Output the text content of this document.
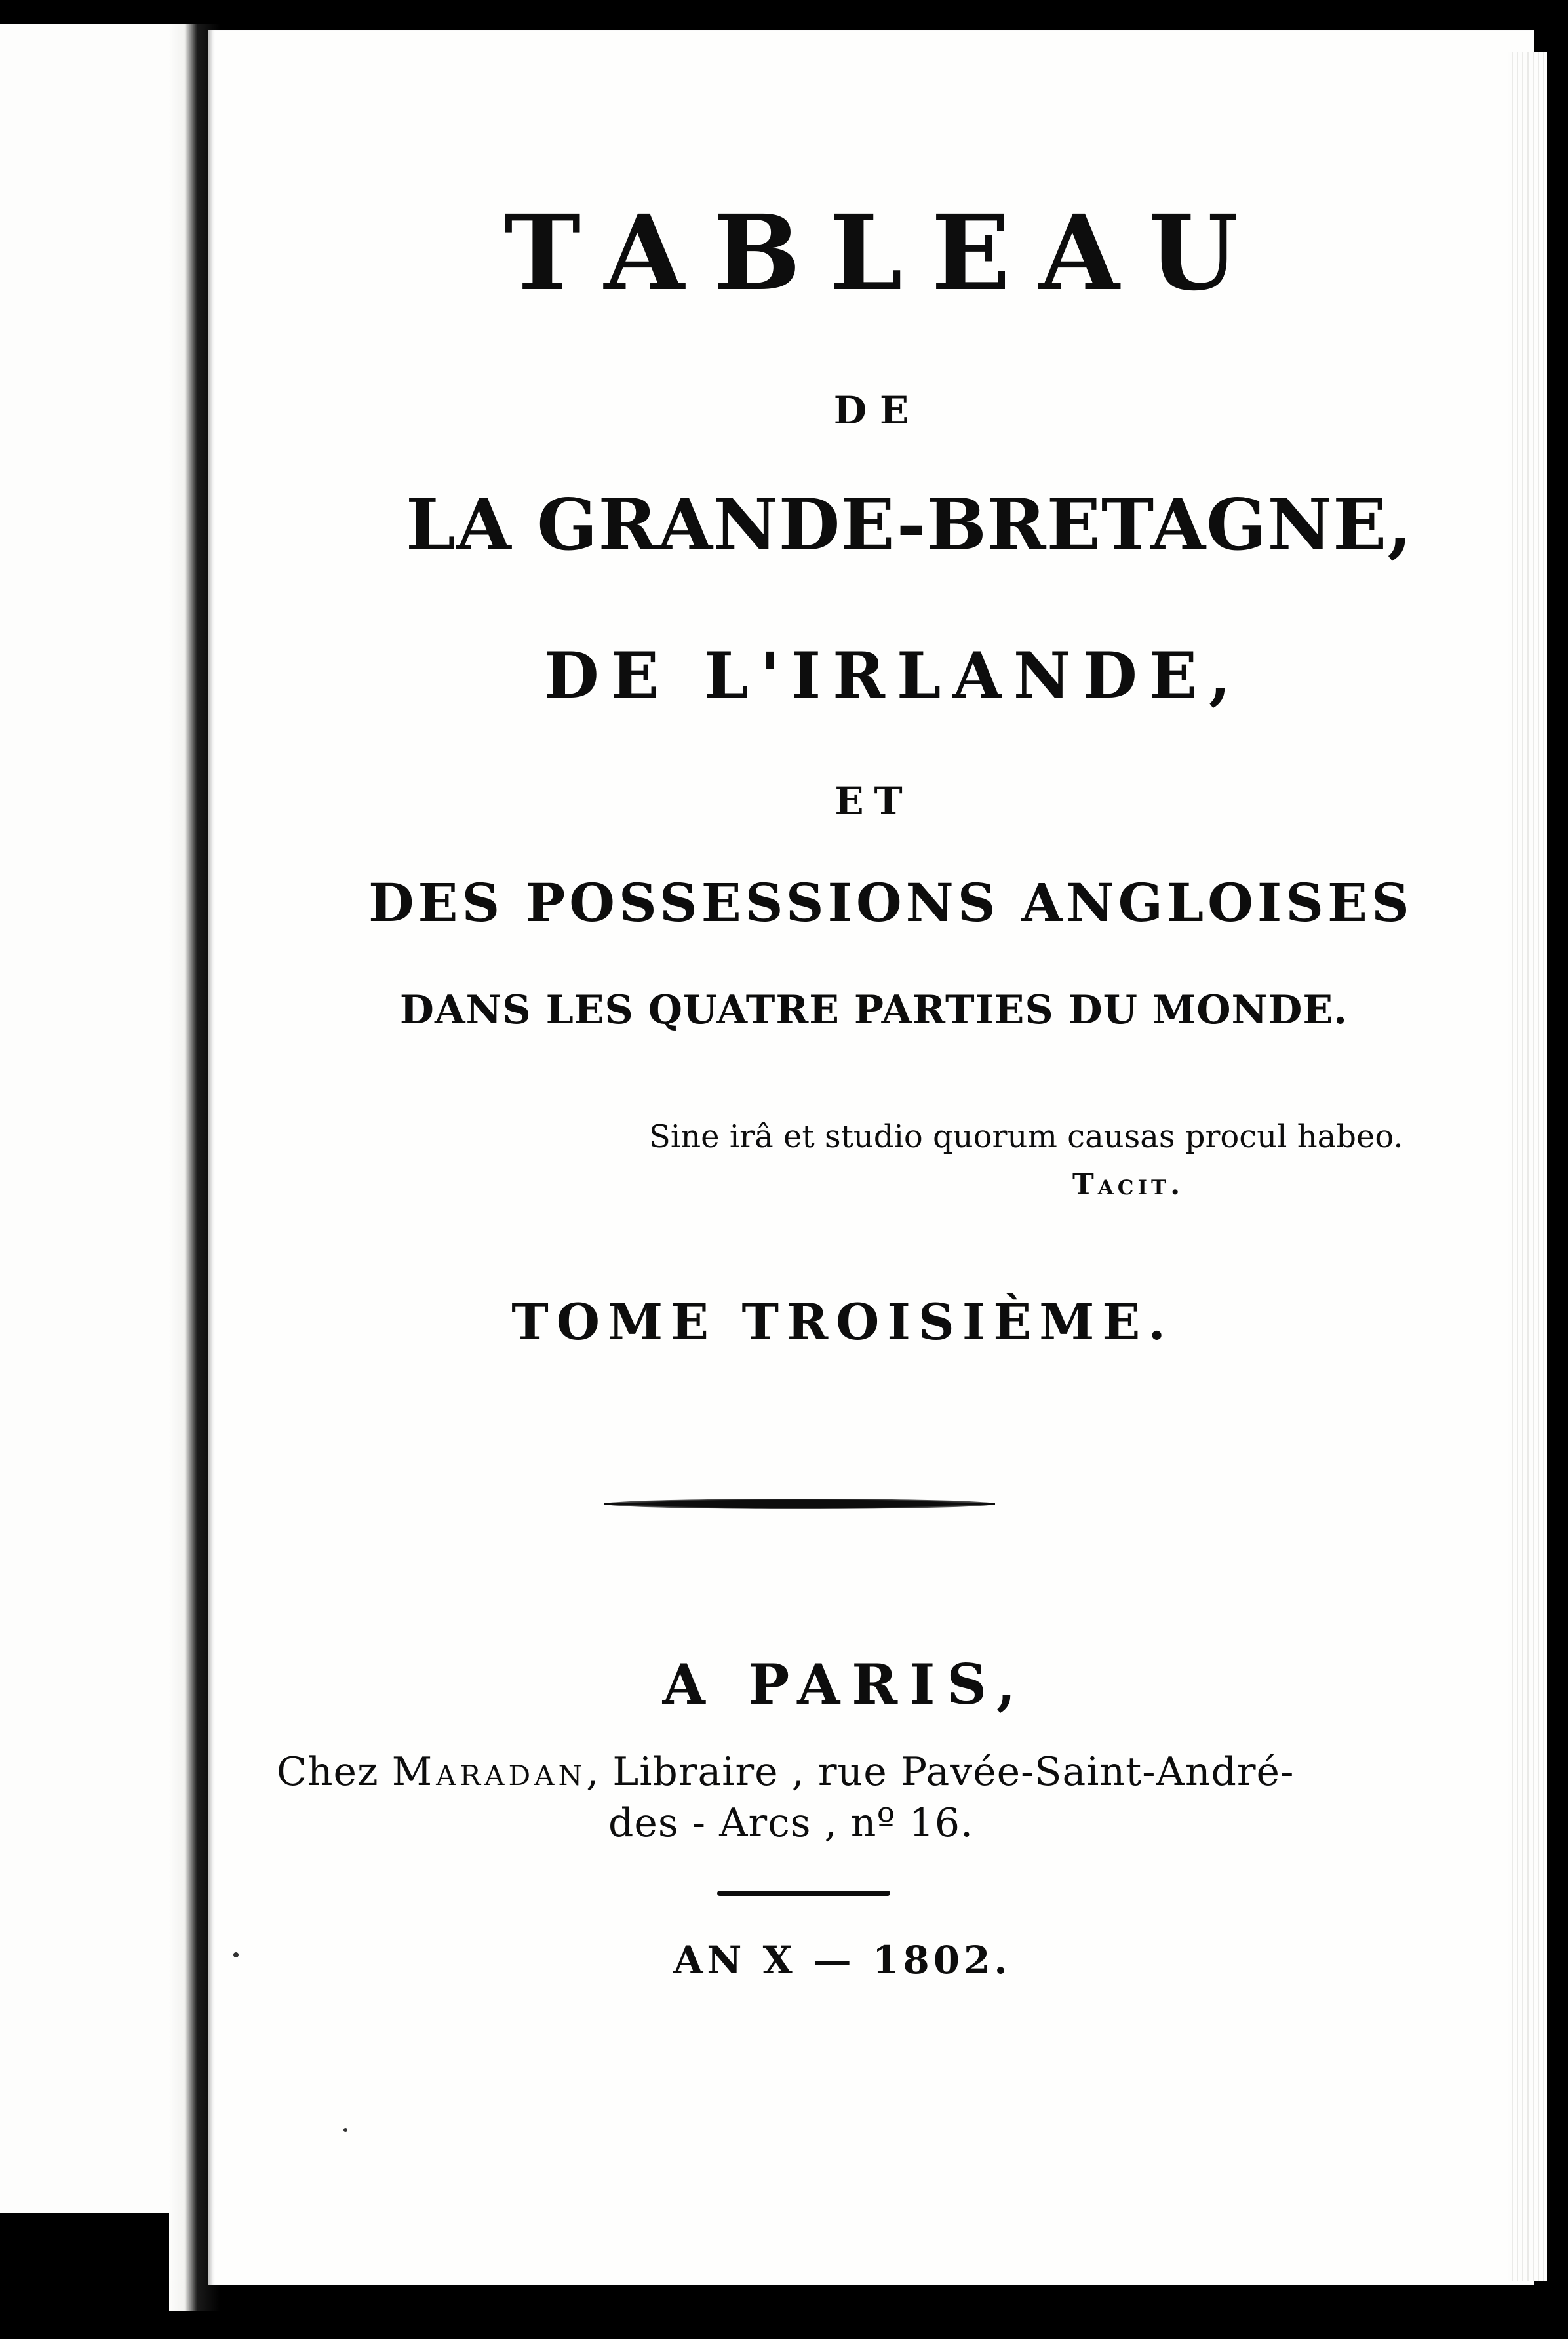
TABLEAU
DE
LA GRANDE-BRETAGNE,
DE L'IRLANDE,
ET
DES POSSESSIONS ANGLOISES
DANS LES QUATRE PARTIES DU MONDE.
Sine irâ et studio quorum causas procul habeo.
Tacit.
TOME TROISIÈME.
A PARIS,
Chez Maradan, Libraire , rue Pavée-Saint-André-
des - Arcs , nº 16.
AN X — 1802.
